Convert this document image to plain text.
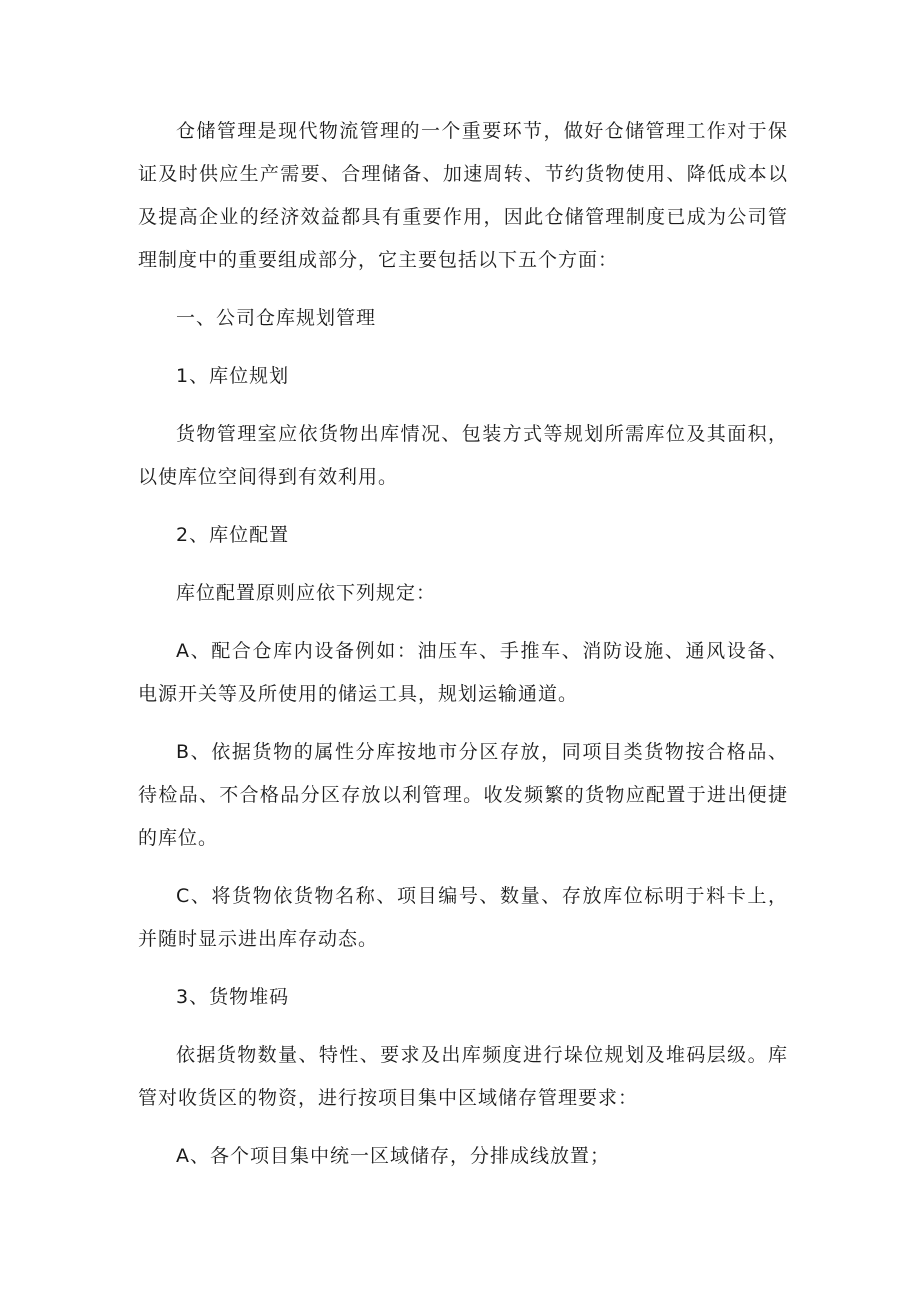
仓储管理是现代物流管理的一个重要环节，做好仓储管理工作对于保证及时供应生产需要、合理储备、加速周转、节约货物使用、降低成本以及提高企业的经济效益都具有重要作用，因此仓储管理制度已成为公司管理制度中的重要组成部分，它主要包括以下五个方面：

一、公司仓库规划管理

1、库位规划

货物管理室应依货物出库情况、包装方式等规划所需库位及其面积，以使库位空间得到有效利用。

2、库位配置

库位配置原则应依下列规定：

A、配合仓库内设备例如：油压车、手推车、消防设施、通风设备、电源开关等及所使用的储运工具，规划运输通道。

B、依据货物的属性分库按地市分区存放，同项目类货物按合格品、待检品、不合格品分区存放以利管理。收发频繁的货物应配置于进出便捷的库位。

C、将货物依货物名称、项目编号、数量、存放库位标明于料卡上，并随时显示进出库存动态。

3、货物堆码

依据货物数量、特性、要求及出库频度进行垛位规划及堆码层级。库管对收货区的物资，进行按项目集中区域储存管理要求：

A、各个项目集中统一区域储存，分排成线放置；
